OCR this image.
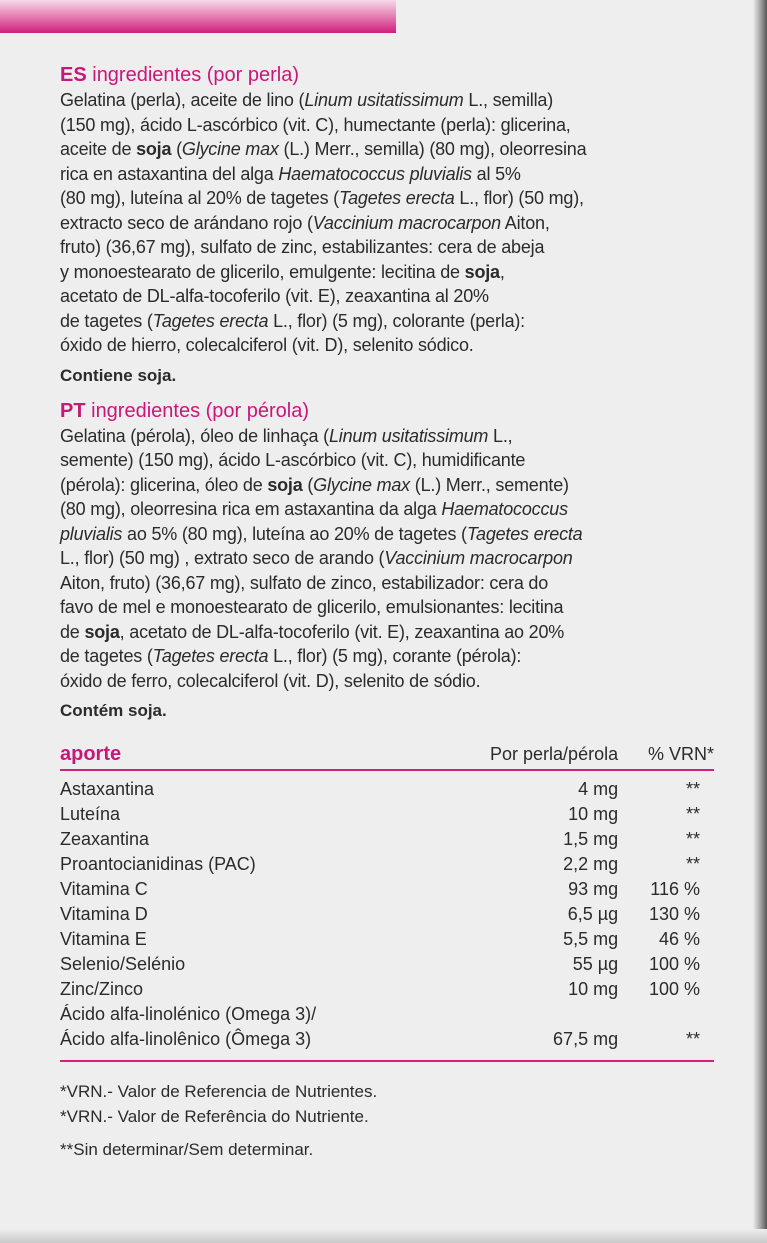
ES ingredientes (por perla)
Gelatina (perla), aceite de lino (Linum usitatissimum L., semilla)
(150 mg), ácido L-ascórbico (vit. C), humectante (perla): glicerina,
aceite de soja (Glycine max (L.) Merr., semilla) (80 mg), oleorresina
rica en astaxantina del alga Haematococcus pluvialis al 5%
(80 mg), luteína al 20% de tagetes (Tagetes erecta L., flor) (50 mg),
extracto seco de arándano rojo (Vaccinium macrocarpon Aiton,
fruto) (36,67 mg), sulfato de zinc, estabilizantes: cera de abeja
y monoestearato de glicerilo, emulgente: lecitina de soja,
acetato de DL-alfa-tocoferilo (vit. E), zeaxantina al 20%
de tagetes (Tagetes erecta L., flor) (5 mg), colorante (perla):
óxido de hierro, colecalciferol (vit. D), selenito sódico.
Contiene soja.
PT ingredientes (por pérola)
Gelatina (pérola), óleo de linhaça (Linum usitatissimum L.,
semente) (150 mg), ácido L-ascórbico (vit. C), humidificante
(pérola): glicerina, óleo de soja (Glycine max (L.) Merr., semente)
(80 mg), oleorresina rica em astaxantina da alga Haematococcus
pluvialis ao 5% (80 mg), luteína ao 20% de tagetes (Tagetes erecta
L., flor) (50 mg) , extrato seco de arando (Vaccinium macrocarpon
Aiton, fruto) (36,67 mg), sulfato de zinco, estabilizador: cera do
favo de mel e monoestearato de glicerilo, emulsionantes: lecitina
de soja, acetato de DL-alfa-tocoferilo (vit. E), zeaxantina ao 20%
de tagetes (Tagetes erecta L., flor) (5 mg), corante (pérola):
óxido de ferro, colecalciferol (vit. D), selenito de sódio.
Contém soja.
aporte	Por perla/pérola	% VRN*
Astaxantina	4 mg	**
Luteína	10 mg	**
Zeaxantina	1,5 mg	**
Proantocianidinas (PAC)	2,2 mg	**
Vitamina C	93 mg	116 %
Vitamina D	6,5 µg	130 %
Vitamina E	5,5 mg	46 %
Selenio/Selénio	55 µg	100 %
Zinc/Zinco	10 mg	100 %
Ácido alfa-linolénico (Omega 3)/		
Ácido alfa-linolênico (Ômega 3)	67,5 mg	**
*VRN.- Valor de Referencia de Nutrientes.
*VRN.- Valor de Referência do Nutriente.
**Sin determinar/Sem determinar.
